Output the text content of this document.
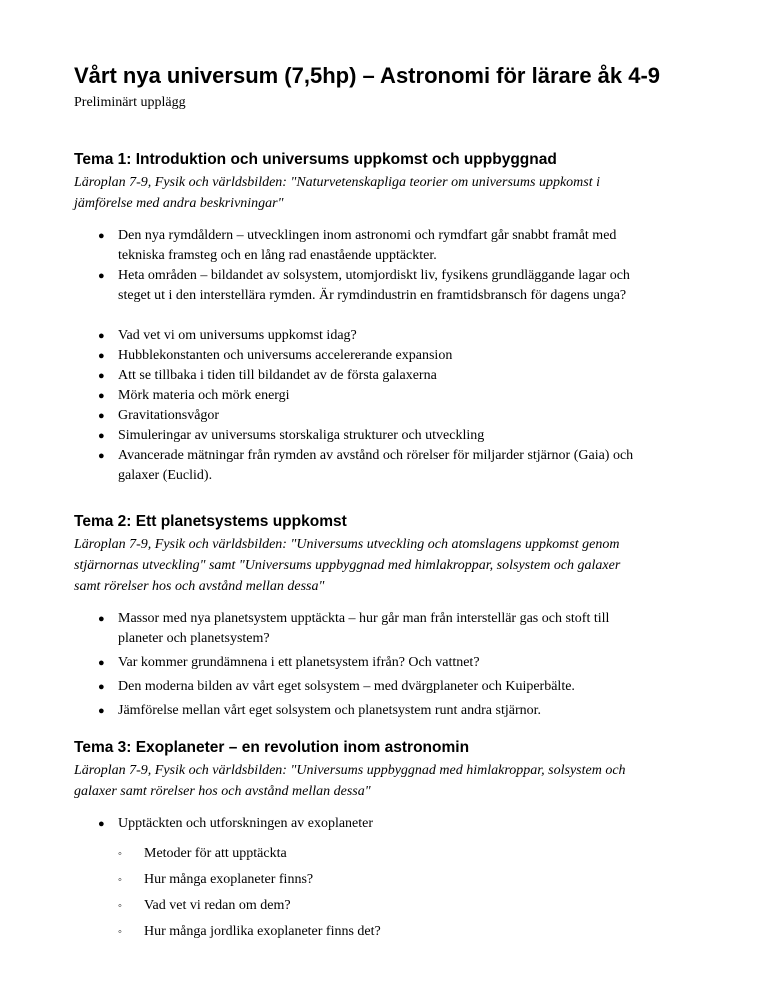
Vårt nya universum (7,5hp) – Astronomi för lärare åk 4-9
Preliminärt upplägg
Tema 1: Introduktion och universums uppkomst och uppbyggnad
Läroplan 7-9, Fysik och världsbilden: "Naturvetenskapliga teorier om universums uppkomst i
jämförelse med andra beskrivningar"
● Den nya rymdåldern – utvecklingen inom astronomi och rymdfart går snabbt framåt med
tekniska framsteg och en lång rad enastående upptäckter.
● Heta områden – bildandet av solsystem, utomjordiskt liv, fysikens grundläggande lagar och
steget ut i den interstellära rymden. Är rymdindustrin en framtidsbransch för dagens unga?
● Vad vet vi om universums uppkomst idag?
● Hubblekonstanten och universums accelererande expansion
● Att se tillbaka i tiden till bildandet av de första galaxerna
● Mörk materia och mörk energi
● Gravitationsvågor
● Simuleringar av universums storskaliga strukturer och utveckling
● Avancerade mätningar från rymden av avstånd och rörelser för miljarder stjärnor (Gaia) och
galaxer (Euclid).
Tema 2: Ett planetsystems uppkomst
Läroplan 7-9, Fysik och världsbilden: "Universums utveckling och atomslagens uppkomst genom
stjärnornas utveckling" samt "Universums uppbyggnad med himlakroppar, solsystem och galaxer
samt rörelser hos och avstånd mellan dessa"
● Massor med nya planetsystem upptäckta – hur går man från interstellär gas och stoft till
planeter och planetsystem?
● Var kommer grundämnena i ett planetsystem ifrån? Och vattnet?
● Den moderna bilden av vårt eget solsystem – med dvärgplaneter och Kuiperbälte.
● Jämförelse mellan vårt eget solsystem och planetsystem runt andra stjärnor.
Tema 3: Exoplaneter – en revolution inom astronomin
Läroplan 7-9, Fysik och världsbilden: "Universums uppbyggnad med himlakroppar, solsystem och
galaxer samt rörelser hos och avstånd mellan dessa"
● Upptäckten och utforskningen av exoplaneter
◦ Metoder för att upptäckta
◦ Hur många exoplaneter finns?
◦ Vad vet vi redan om dem?
◦ Hur många jordlika exoplaneter finns det?
